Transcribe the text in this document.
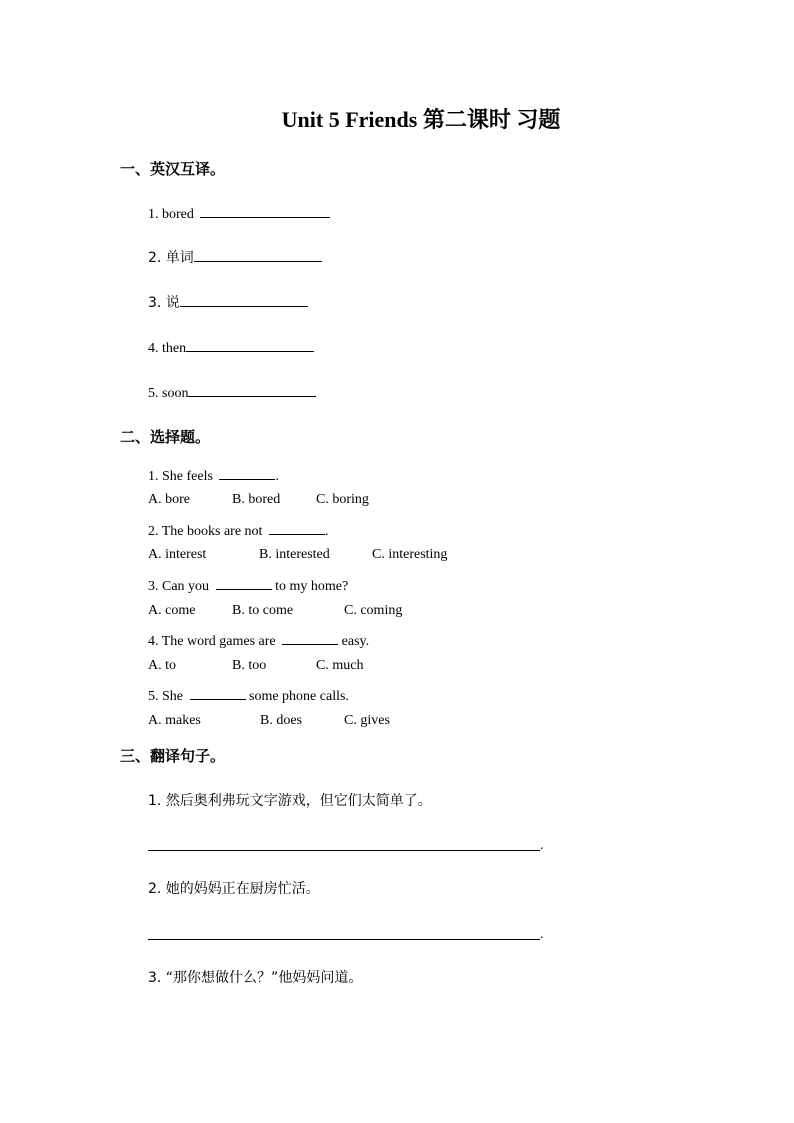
Unit 5 Friends 第二课时 习题
一、英汉互译。
1. bored
2. 单词
3. 说
4. then
5. soon
二、选择题。
1. She feels	.
A. bore	B. bored	C. boring
2. The books are not	.
A. interest	B. interested	C. interesting
3. Can you	to my home?
A. come	B. to come	C. coming
4. The word games are	easy.
A. to	B. too	C. much
5. She	some phone calls.
A. makes	B. does	C. gives
三、翻译句子。
1. 然后奥利弗玩文字游戏，但它们太简单了。
.
2. 她的妈妈正在厨房忙活。
.
3. “那你想做什么？”他妈妈问道。
